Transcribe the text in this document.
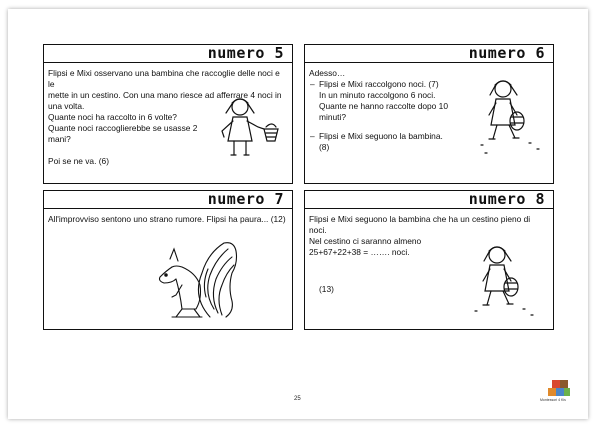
numero 5

Flipsi e Mixi osservano una bambina che raccoglie delle noci e le

mette in un cestino. Con una mano riesce ad afferrare 4 noci in

una volta.

Quante noci ha raccolto in 6 volte?

Quante noci raccoglierebbe se usasse 2

mani?

Poi se ne va. (6)

numero 6

Adesso…

– Flipsi e Mixi raccolgono noci. (7)

In un minuto raccolgono 6 noci.

Quante ne hanno raccolte dopo 10

minuti?

– Flipsi e Mixi seguono la bambina.

(8)

numero 7

All'improvviso sentono uno strano rumore. Flipsi ha paura... (12)

numero 8

Flipsi e Mixi seguono la bambina che ha un cestino pieno di noci.

Nel cestino ci saranno almeno

25+67+22+38 = ……. noci.

(13)

25	Montessori 4 Kis
